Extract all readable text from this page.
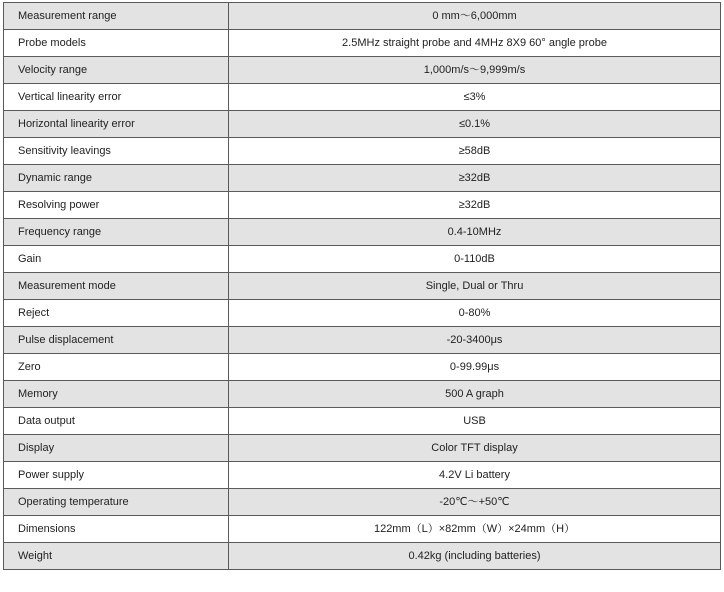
Measurement range	0 mm〜6,000mm
Probe models	2.5MHz straight probe and 4MHz 8X9 60° angle probe
Velocity range	1,000m/s〜9,999m/s
Vertical linearity error	≤3%
Horizontal linearity error	≤0.1%
Sensitivity leavings	≥58dB
Dynamic range	≥32dB
Resolving power	≥32dB
Frequency range	0.4-10MHz
Gain	0-110dB
Measurement mode	Single, Dual or Thru
Reject	0-80%
Pulse displacement	-20-3400μs
Zero	0-99.99μs
Memory	500 A graph
Data output	USB
Display	Color TFT display
Power supply	4.2V Li battery
Operating temperature	-20℃〜+50℃
Dimensions	122mm（L）×82mm（W）×24mm（H）
Weight	0.42kg (including batteries)
